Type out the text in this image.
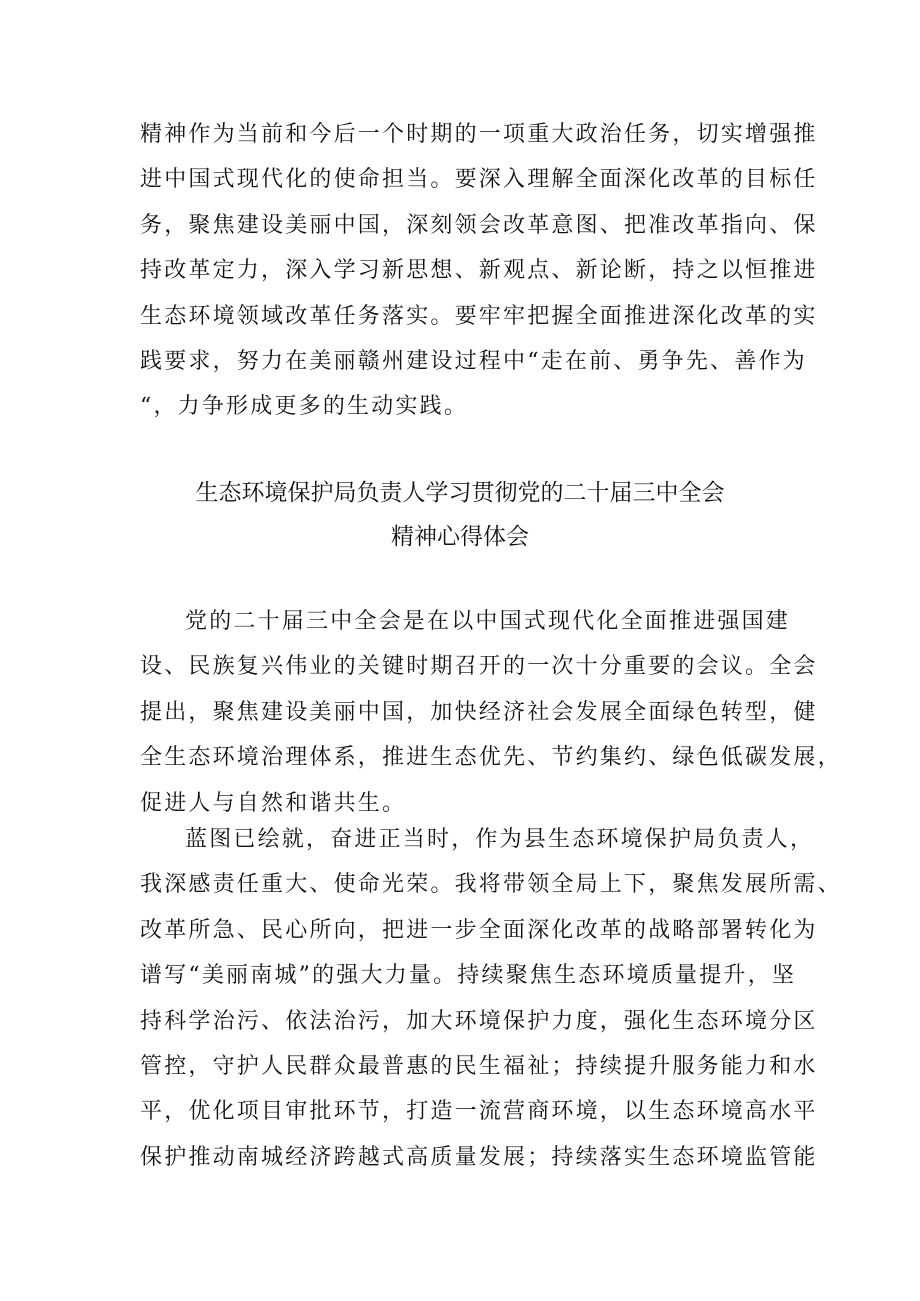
精神作为当前和今后一个时期的一项重大政治任务，切实增强推
进中国式现代化的使命担当。要深入理解全面深化改革的目标任
务，聚焦建设美丽中国，深刻领会改革意图、把准改革指向、保
持改革定力，深入学习新思想、新观点、新论断，持之以恒推进
生态环境领域改革任务落实。要牢牢把握全面推进深化改革的实
践要求，努力在美丽赣州建设过程中“走在前、勇争先、善作为
“，力争形成更多的生动实践。
生态环境保护局负责人学习贯彻党的二十届三中全会
精神心得体会
党的二十届三中全会是在以中国式现代化全面推进强国建
设、民族复兴伟业的关键时期召开的一次十分重要的会议。全会
提出，聚焦建设美丽中国，加快经济社会发展全面绿色转型，健
全生态环境治理体系，推进生态优先、节约集约、绿色低碳发展，
促进人与自然和谐共生。
蓝图已绘就，奋进正当时，作为县生态环境保护局负责人，
我深感责任重大、使命光荣。我将带领全局上下，聚焦发展所需、
改革所急、民心所向，把进一步全面深化改革的战略部署转化为
谱写“美丽南城”的强大力量。持续聚焦生态环境质量提升，坚
持科学治污、依法治污，加大环境保护力度，强化生态环境分区
管控，守护人民群众最普惠的民生福祉；持续提升服务能力和水
平，优化项目审批环节，打造一流营商环境，以生态环境高水平
保护推动南城经济跨越式高质量发展；持续落实生态环境监管能
